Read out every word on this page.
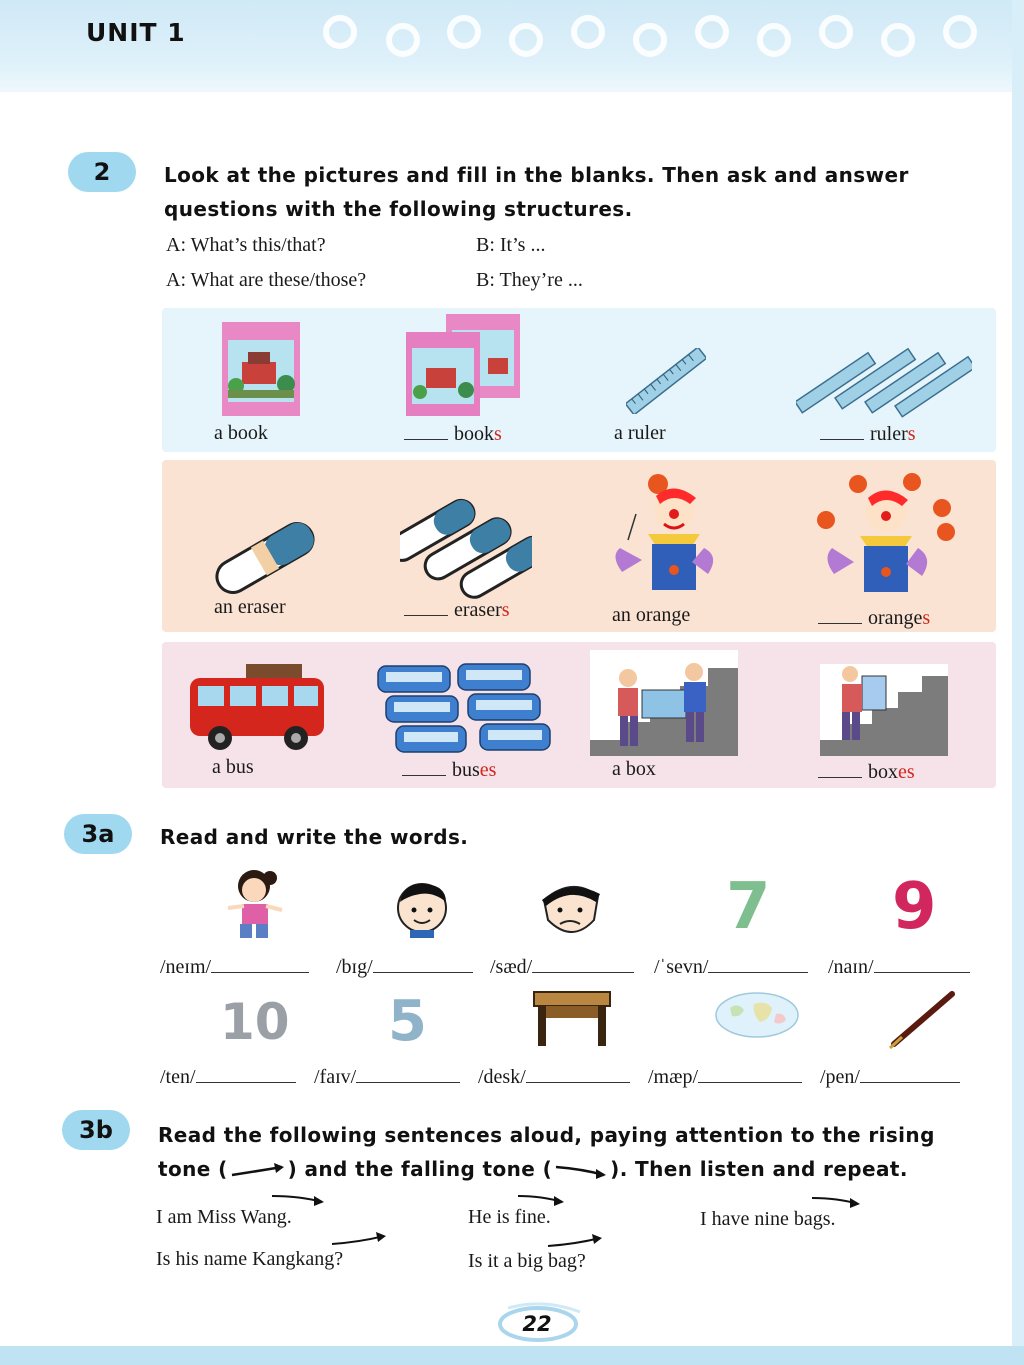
UNIT 1
2	Look at the pictures and fill in the blanks. Then ask and answer
questions with the following structures.
A: What’s this/that?	B: It’s ...
A: What are these/those?	B: They’re ...
a book	books	a ruler	rulers
an eraser	erasers	an orange	oranges
a bus	buses	a box	boxes
3a	Read and write the words.
7 9
/neɪm/	/bɪg/	/sæd/	/ˈsevn/	/naɪn/
10 5
/ten/	/faɪv/	/desk/	/mæp/	/pen/
3b	Read the following sentences aloud, paying attention to the rising
tone (	) and the falling tone (	). Then listen and repeat.
I am Miss Wang.	He is fine.	I have nine bags.
Is his name Kangkang?	Is it a big bag?
22
